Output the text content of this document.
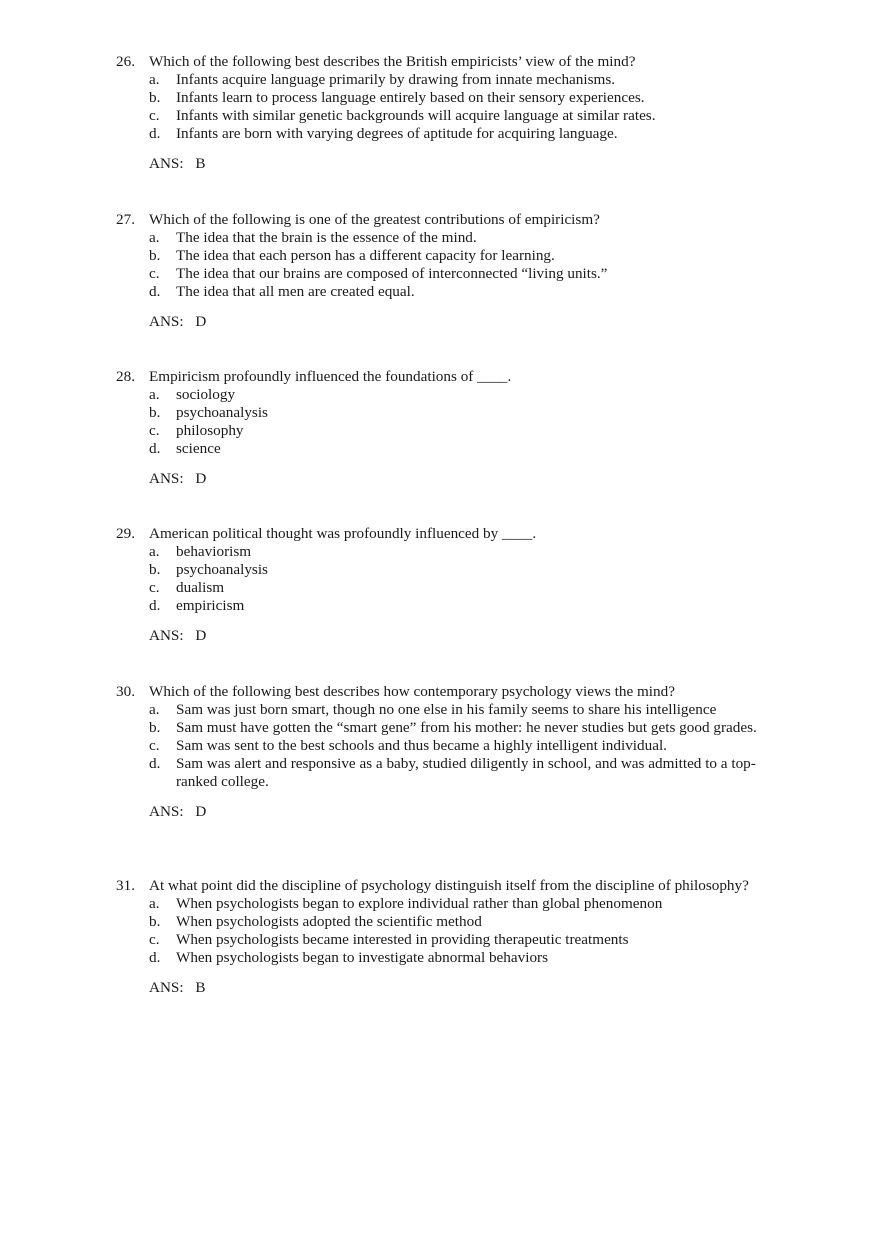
26. Which of the following best describes the British empiricists’ view of the mind?
a. Infants acquire language primarily by drawing from innate mechanisms.
b. Infants learn to process language entirely based on their sensory experiences.
c. Infants with similar genetic backgrounds will acquire language at similar rates.
d. Infants are born with varying degrees of aptitude for acquiring language.
ANS: B
27. Which of the following is one of the greatest contributions of empiricism?
a. The idea that the brain is the essence of the mind.
b. The idea that each person has a different capacity for learning.
c. The idea that our brains are composed of interconnected “living units.”
d. The idea that all men are created equal.
ANS: D
28. Empiricism profoundly influenced the foundations of ____.
a. sociology
b. psychoanalysis
c. philosophy
d. science
ANS: D
29. American political thought was profoundly influenced by ____.
a. behaviorism
b. psychoanalysis
c. dualism
d. empiricism
ANS: D
30. Which of the following best describes how contemporary psychology views the mind?
a. Sam was just born smart, though no one else in his family seems to share his intelligence
b. Sam must have gotten the “smart gene” from his mother: he never studies but gets good grades.
c. Sam was sent to the best schools and thus became a highly intelligent individual.
d. Sam was alert and responsive as a baby, studied diligently in school, and was admitted to a top-ranked college.
ANS: D
31. At what point did the discipline of psychology distinguish itself from the discipline of philosophy?
a. When psychologists began to explore individual rather than global phenomenon
b. When psychologists adopted the scientific method
c. When psychologists became interested in providing therapeutic treatments
d. When psychologists began to investigate abnormal behaviors
ANS: B
